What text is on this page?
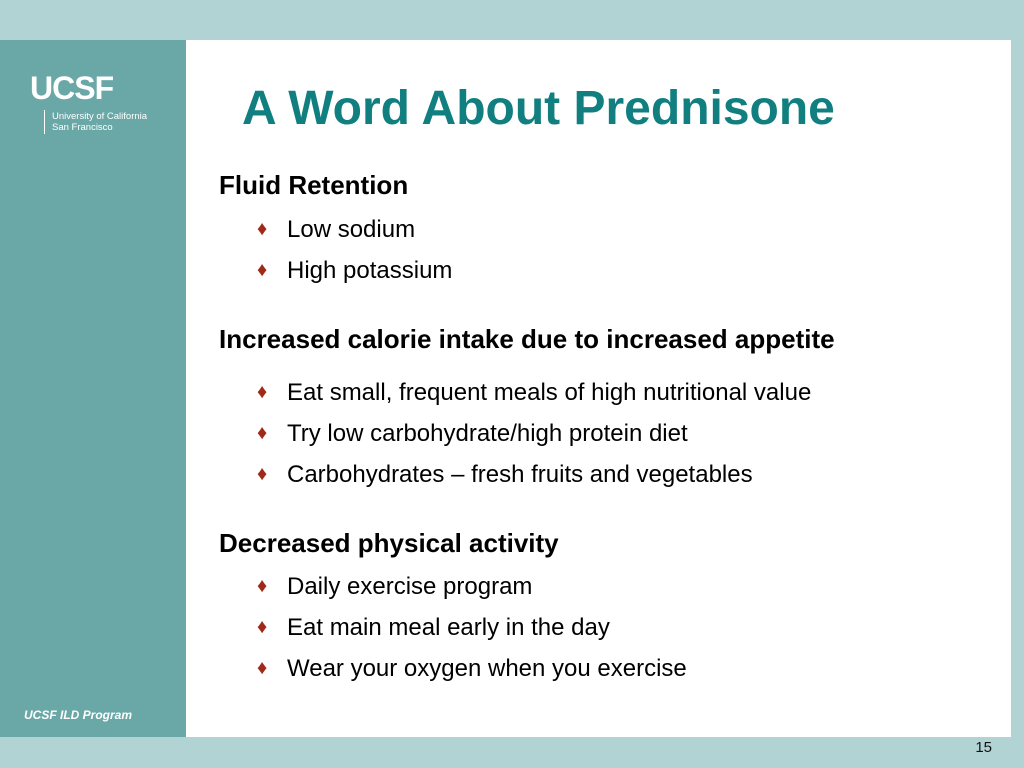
UCSF
University of California
San Francisco
UCSF ILD Program
A Word About Prednisone
Fluid Retention
♦ Low sodium
♦ High potassium
Increased calorie intake due to increased appetite
♦ Eat small, frequent meals of high nutritional value
♦ Try low carbohydrate/high protein diet
♦ Carbohydrates – fresh fruits and vegetables
Decreased physical activity
♦ Daily exercise program
♦ Eat main meal early in the day
♦ Wear your oxygen when you exercise
15
